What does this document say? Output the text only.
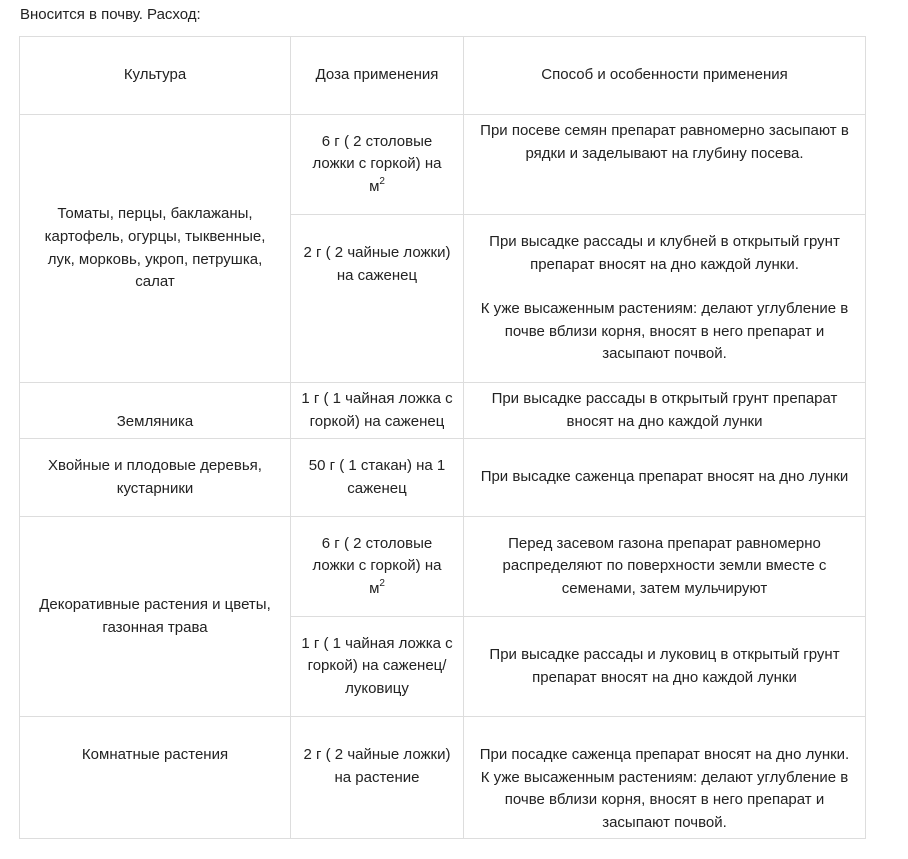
Вносится в почву. Расход:
Культура	Доза применения	Способ и особенности применения
Томаты, перцы, баклажаны, картофель, огурцы, тыквенные, лук, морковь, укроп, петрушка, салат	6 г ( 2 столовые ложки с горкой) на $м^2$	При посеве семян препарат равномерно засыпают в рядки и заделывают на глубину посева.
	2 г ( 2 чайные ложки) на саженец	При высадке рассады и клубней в открытый грунт препарат вносят на дно каждой лунки.
К уже высаженным растениям: делают углубление в почве вблизи корня, вносят в него препарат и засыпают почвой.

Земляника	1 г ( 1 чайная ложка с горкой) на саженец	При высадке рассады в открытый грунт препарат вносят на дно каждой лунки
Хвойные и плодовые деревья, кустарники	50 г ( 1 стакан) на 1 саженец	При высадке саженца препарат вносят на дно лунки
Декоративные растения и цветы, газонная трава	6 г ( 2 столовые ложки с горкой) на $м^2$	Перед засевом газона препарат равномерно распределяют по поверхности земли вместе с семенами, затем мульчируют
	1 г ( 1 чайная ложка с горкой) на саженец/ луковицу	При высадке рассады и луковиц в открытый грунт препарат вносят на дно каждой лунки
Комнатные растения	2 г ( 2 чайные ложки) на растение	При посадке саженца препарат вносят на дно лунки. К уже высаженным растениям: делают углубление в почве вблизи корня, вносят в него препарат и засыпают почвой.
